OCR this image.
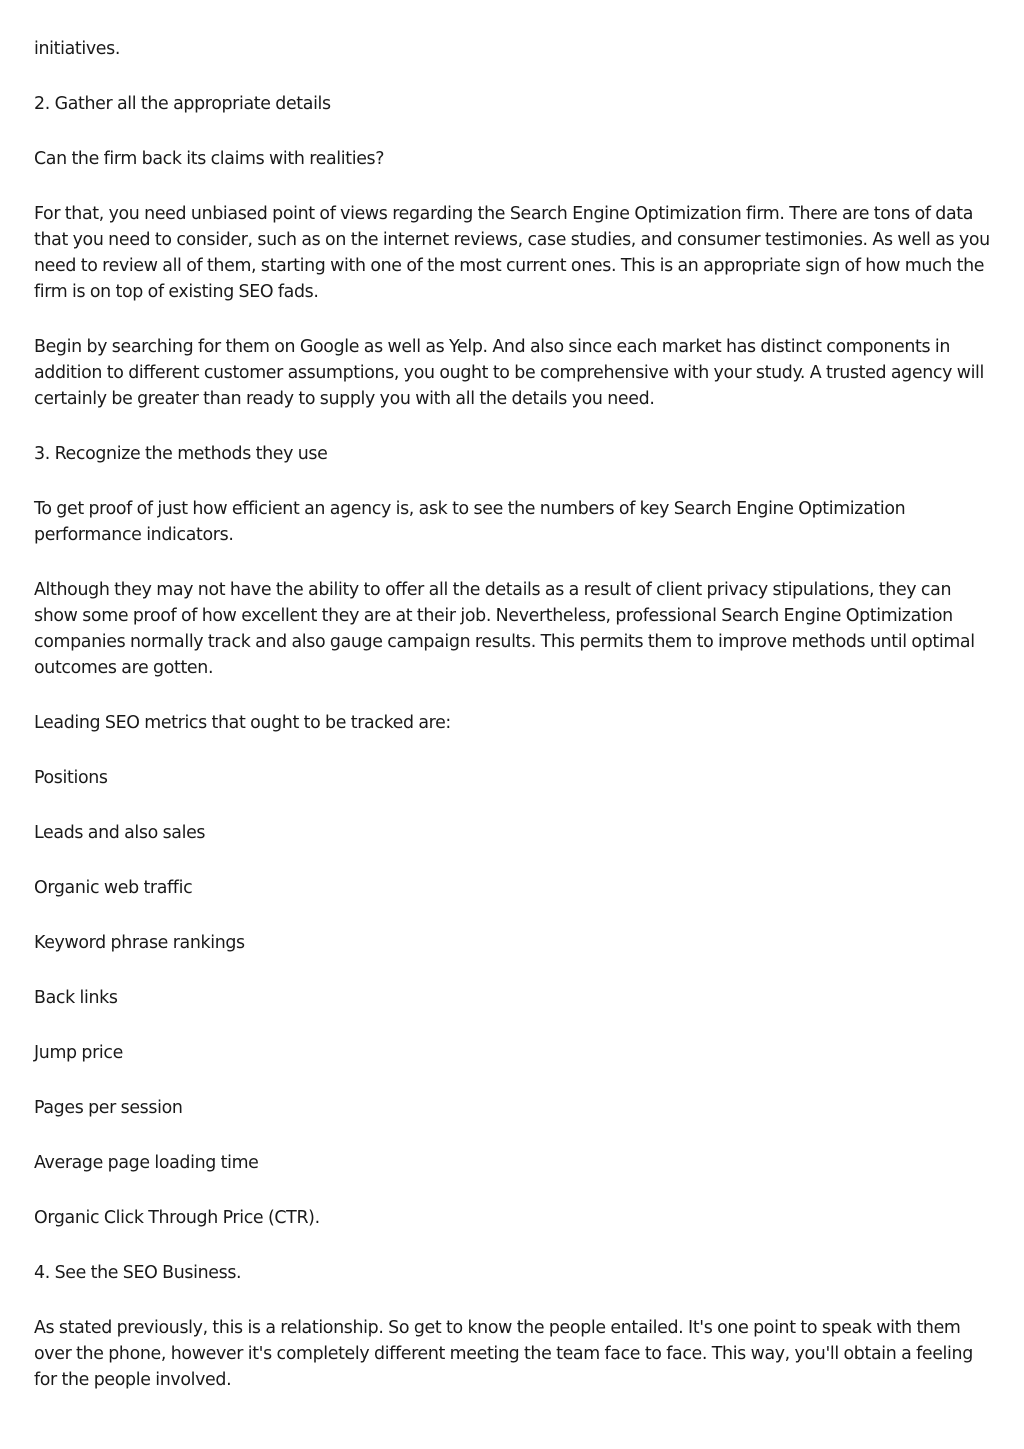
initiatives.

2. Gather all the appropriate details

Can the firm back its claims with realities?

For that, you need unbiased point of views regarding the Search Engine Optimization firm. There are tons of data that you need to consider, such as on the internet reviews, case studies, and consumer testimonies. As well as you need to review all of them, starting with one of the most current ones. This is an appropriate sign of how much the firm is on top of existing SEO fads.

Begin by searching for them on Google as well as Yelp. And also since each market has distinct components in addition to different customer assumptions, you ought to be comprehensive with your study. A trusted agency will certainly be greater than ready to supply you with all the details you need.

3. Recognize the methods they use

To get proof of just how efficient an agency is, ask to see the numbers of key Search Engine Optimization performance indicators.

Although they may not have the ability to offer all the details as a result of client privacy stipulations, they can show some proof of how excellent they are at their job. Nevertheless, professional Search Engine Optimization companies normally track and also gauge campaign results. This permits them to improve methods until optimal outcomes are gotten.

Leading SEO metrics that ought to be tracked are:

Positions

Leads and also sales

Organic web traffic

Keyword phrase rankings

Back links

Jump price

Pages per session

Average page loading time

Organic Click Through Price (CTR).

4. See the SEO Business.

As stated previously, this is a relationship. So get to know the people entailed. It's one point to speak with them over the phone, however it's completely different meeting the team face to face. This way, you'll obtain a feeling for the people involved.
